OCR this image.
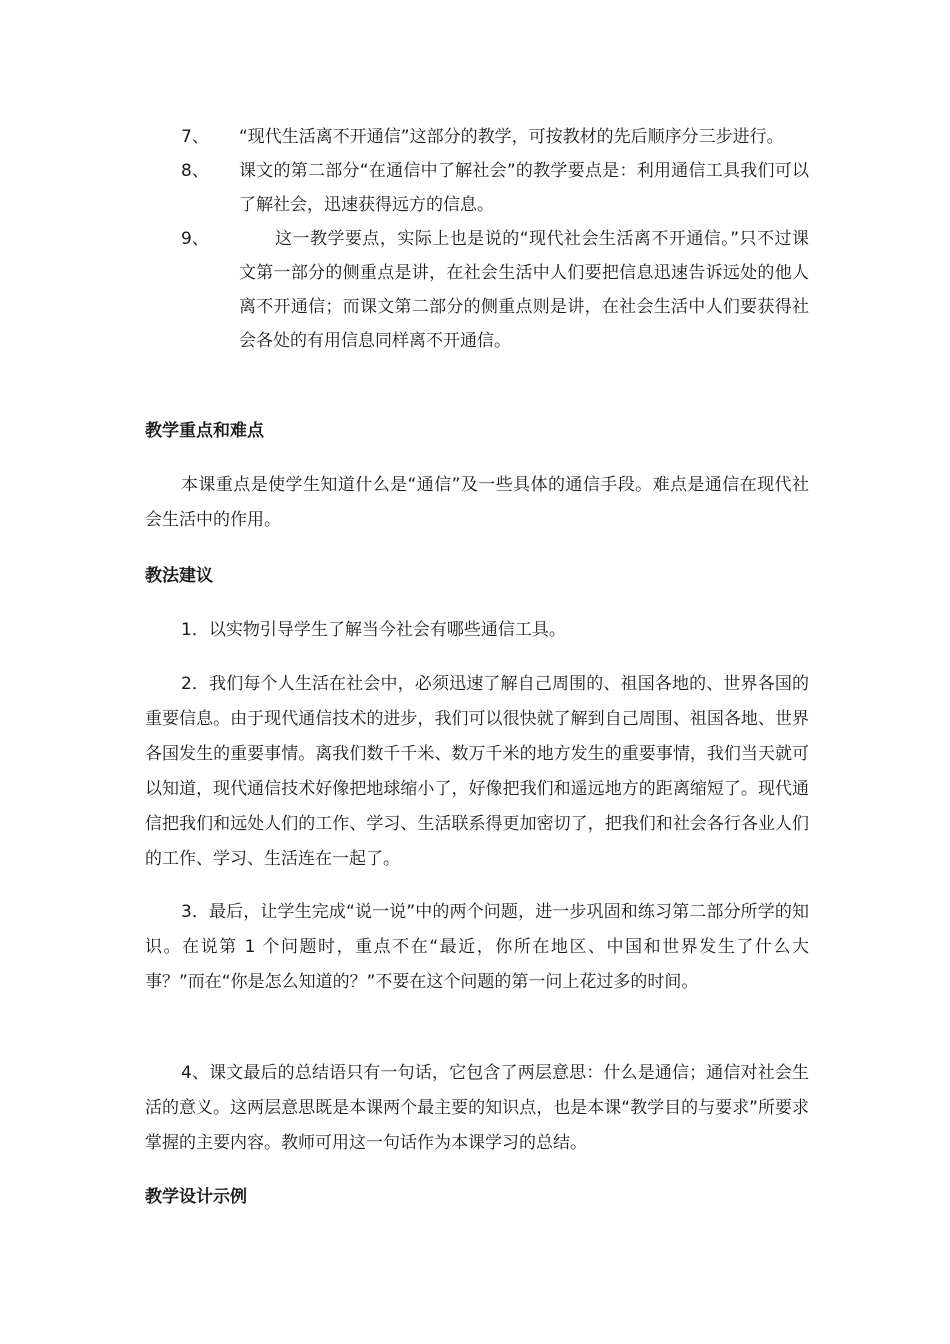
7、 “现代生活离不开通信”这部分的教学，可按教材的先后顺序分三步进行。
8、 课文的第二部分“在通信中了解社会”的教学要点是：利用通信工具我们可以了解社会，迅速获得远方的信息。
9、	这一教学要点，实际上也是说的“现代社会生活离不开通信。”只不过课文第一部分的侧重点是讲，在社会生活中人们要把信息迅速告诉远处的他人离不开通信；而课文第二部分的侧重点则是讲，在社会生活中人们要获得社会各处的有用信息同样离不开通信。
教学重点和难点
本课重点是使学生知道什么是“通信”及一些具体的通信手段。难点是通信在现代社会生活中的作用。
教法建议
1．以实物引导学生了解当今社会有哪些通信工具。
2．我们每个人生活在社会中，必须迅速了解自己周围的、祖国各地的、世界各国的重要信息。由于现代通信技术的进步，我们可以很快就了解到自己周围、祖国各地、世界各国发生的重要事情。离我们数千千米、数万千米的地方发生的重要事情，我们当天就可以知道，现代通信技术好像把地球缩小了，好像把我们和遥远地方的距离缩短了。现代通信把我们和远处人们的工作、学习、生活联系得更加密切了，把我们和社会各行各业人们的工作、学习、生活连在一起了。
3．最后，让学生完成“说一说”中的两个问题，进一步巩固和练习第二部分所学的知识。在说第 1 个问题时，重点不在“最近，你所在地区、中国和世界发生了什么大事？”而在“你是怎么知道的？”不要在这个问题的第一问上花过多的时间。
4、课文最后的总结语只有一句话，它包含了两层意思：什么是通信；通信对社会生活的意义。这两层意思既是本课两个最主要的知识点，也是本课“教学目的与要求”所要求掌握的主要内容。教师可用这一句话作为本课学习的总结。
教学设计示例
